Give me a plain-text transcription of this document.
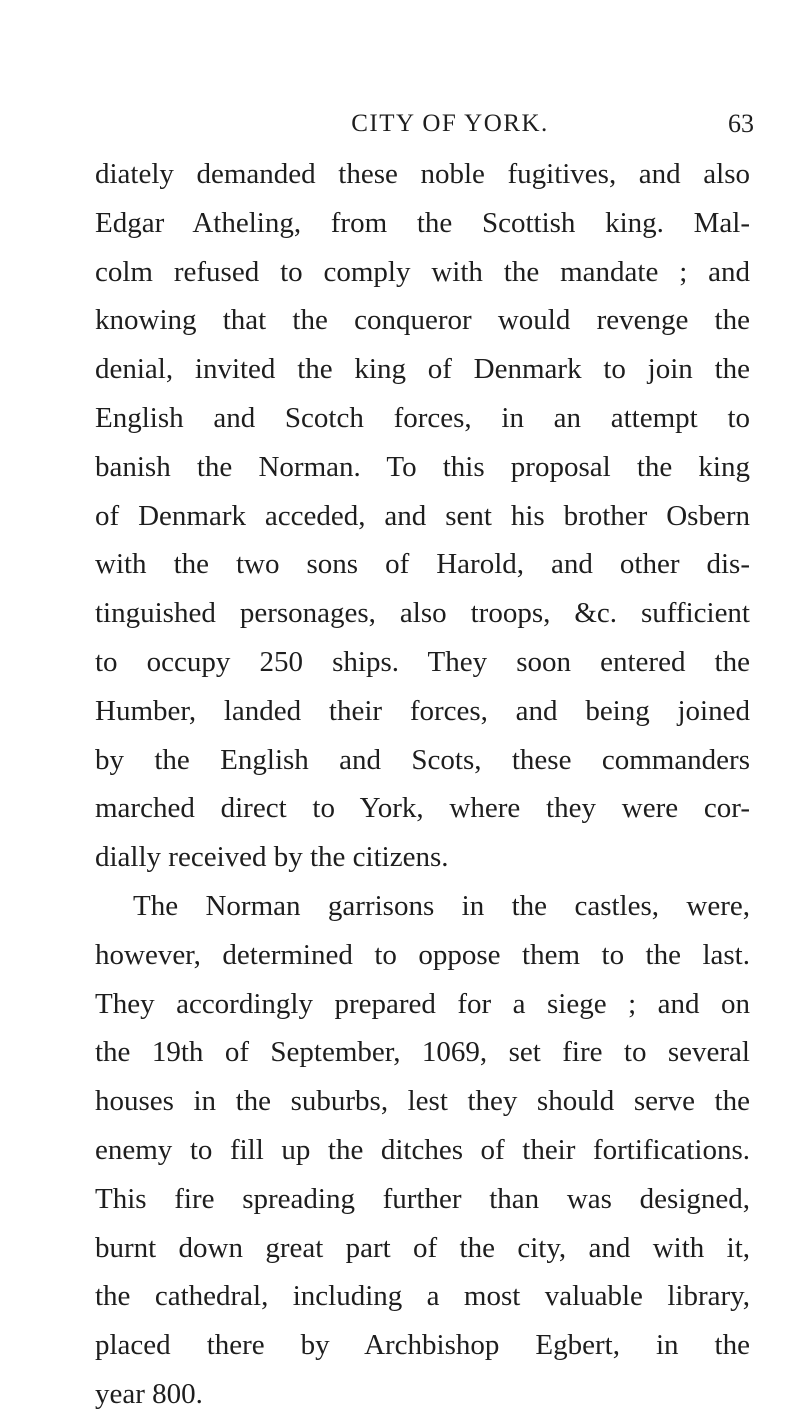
CITY OF YORK.	63
diately demanded these noble fugitives, and also
Edgar Atheling, from the Scottish king. Mal-
colm refused to comply with the mandate ; and
knowing that the conqueror would revenge the
denial, invited the king of Denmark to join the
English and Scotch forces, in an attempt to
banish the Norman. To this proposal the king
of Denmark acceded, and sent his brother Osbern
with the two sons of Harold, and other dis-
tinguished personages, also troops, &c. sufficient
to occupy 250 ships. They soon entered the
Humber, landed their forces, and being joined
by the English and Scots, these commanders
marched direct to York, where they were cor-
dially received by the citizens.
The Norman garrisons in the castles, were,
however, determined to oppose them to the last.
They accordingly prepared for a siege ; and on
the 19th of September, 1069, set fire to several
houses in the suburbs, lest they should serve the
enemy to fill up the ditches of their fortifications.
This fire spreading further than was designed,
burnt down great part of the city, and with it,
the cathedral, including a most valuable library,
placed there by Archbishop Egbert, in the
year 800.
